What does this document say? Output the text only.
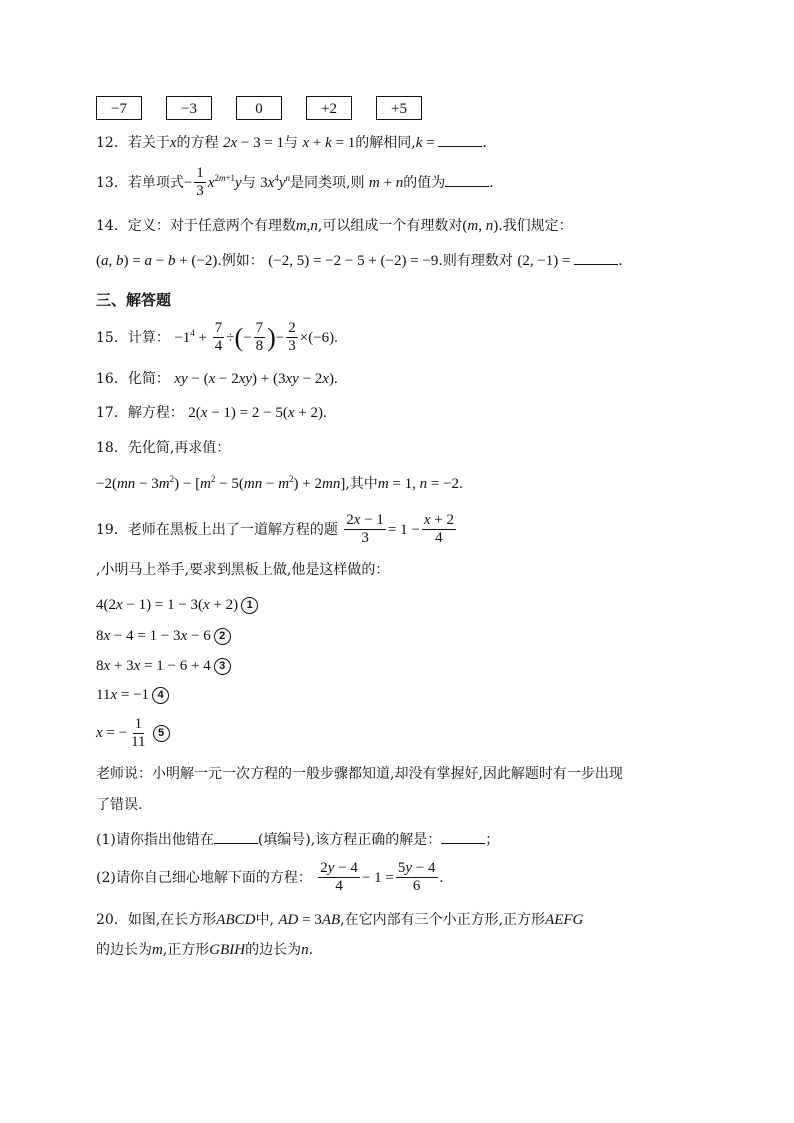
−7	−3	0	+2	+5
12．若关于x的方程 2x − 3 = 1与 x + k = 1的解相同,k =	.
13．若单项式− $\frac{1}{3} x^{2m+1}y$与 $3x^4y^n$是同类项,则 m + n的值为	.
14．定义：对于任意两个有理数m,n,可以组成一个有理数对(m, n).我们规定：
(a, b) = a − b + (−2).例如： (−2, 5) = −2 − 5 + (−2) = −9.则有理数对 (2, −1) =	.
三、解答题
15．计算： $-1^4 + \frac{7}{4}$ ÷(− $\frac{7}{8}$ )− $\frac{2}{3} \times(-6)$.
16．化简： xy − (x − 2xy) + (3xy − 2x).
17．解方程： 2(x − 1) = 2 − 5(x + 2).
18．先化简,再求值：
$-2(mn - 3m^2) - [m^2 - 5(mn - m^2) + 2mn]$,其中m = 1, n = −2.
19．老师在黑板上出了一道解方程的题 $\frac{2x - 1}{3} = 1 - \frac{x + 2}{4}$
,小明马上举手,要求到黑板上做,他是这样做的：
4(2x − 1) = 1 − 3(x + 2) 1
8x − 4 = 1 − 3x − 6 2
8x + 3x = 1 − 6 + 4 3
11x = −1 4
x = − $\frac{1}{11} 5$
老师说：小明解一元一次方程的一般步骤都知道,却没有掌握好,因此解题时有一步出现
了错误.
(1)请你指出他错在	(填编号),该方程正确的解是：	；
(2)请你自己细心地解下面的方程： $\frac{2y - 4}{4} - 1 = \frac{5y - 4}{6}$ .
20．如图,在长方形ABCD中, AD = 3AB,在它内部有三个小正方形,正方形AEFG
的边长为m,正方形GBIH的边长为n.
